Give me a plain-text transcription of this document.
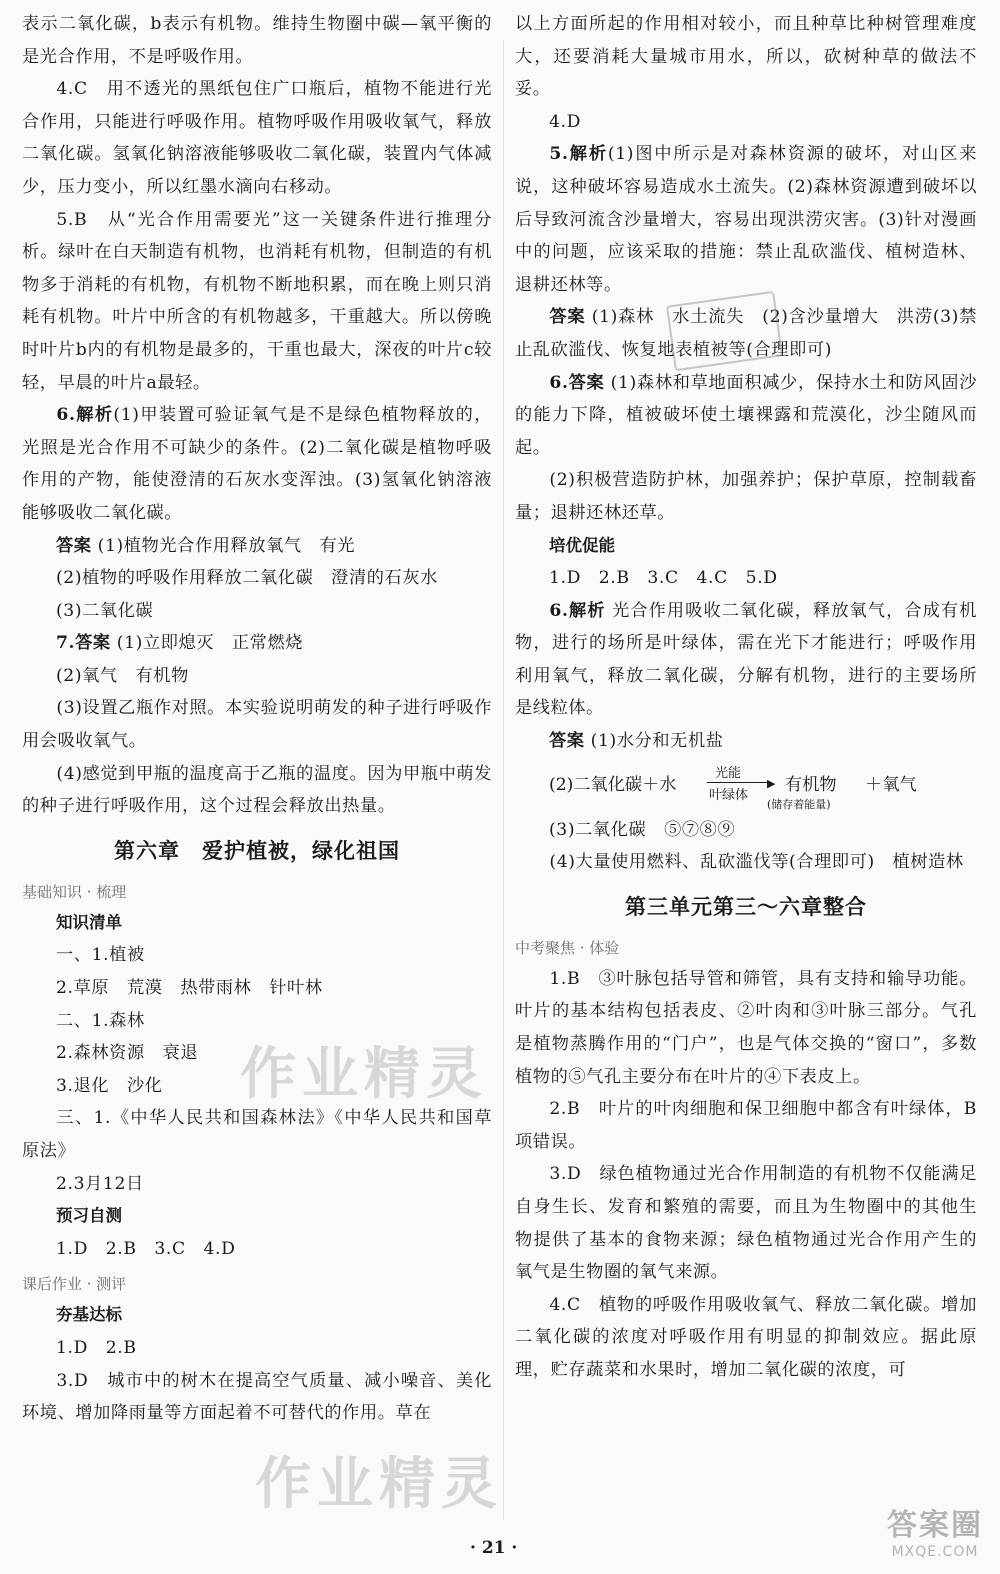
表示二氧化碳，b表示有机物。维持生物圈中碳—氧平衡的是光合作用，不是呼吸作用。

4.C　用不透光的黑纸包住广口瓶后，植物不能进行光合作用，只能进行呼吸作用。植物呼吸作用吸收氧气，释放二氧化碳。氢氧化钠溶液能够吸收二氧化碳，装置内气体减少，压力变小，所以红墨水滴向右移动。

5.B　从“光合作用需要光”这一关键条件进行推理分析。绿叶在白天制造有机物，也消耗有机物，但制造的有机物多于消耗的有机物，有机物不断地积累，而在晚上则只消耗有机物。叶片中所含的有机物越多，干重越大。所以傍晚时叶片b内的有机物是最多的，干重也最大，深夜的叶片c较轻，早晨的叶片a最轻。

6.解析(1)甲装置可验证氧气是不是绿色植物释放的，光照是光合作用不可缺少的条件。(2)二氧化碳是植物呼吸作用的产物，能使澄清的石灰水变浑浊。(3)氢氧化钠溶液能够吸收二氧化碳。

答案 (1)植物光合作用释放氧气　有光

(2)植物的呼吸作用释放二氧化碳　澄清的石灰水

(3)二氧化碳

7.答案 (1)立即熄灭　正常燃烧

(2)氧气　有机物

(3)设置乙瓶作对照。本实验说明萌发的种子进行呼吸作用会吸收氧气。

(4)感觉到甲瓶的温度高于乙瓶的温度。因为甲瓶中萌发的种子进行呼吸作用，这个过程会释放出热量。

第六章　爱护植被，绿化祖国
基础知识 · 梳理
知识清单

一、1.植被

2.草原　荒漠　热带雨林　针叶林

二、1.森林

2.森林资源　衰退

3.退化　沙化

三、1.《中华人民共和国森林法》《中华人民共和国草原法》

2.3月12日

预习自测

1.D　2.B　3.C　4.D

课后作业 · 测评
夯基达标

1.D　2.B

3.D　城市中的树木在提高空气质量、减小噪音、美化环境、增加降雨量等方面起着不可替代的作用。草在

以上方面所起的作用相对较小，而且种草比种树管理难度大，还要消耗大量城市用水，所以，砍树种草的做法不妥。

4.D

5.解析(1)图中所示是对森林资源的破坏，对山区来说，这种破坏容易造成水土流失。(2)森林资源遭到破坏以后导致河流含沙量增大，容易出现洪涝灾害。(3)针对漫画中的问题，应该采取的措施：禁止乱砍滥伐、植树造林、退耕还林等。

答案 (1)森林　水土流失　(2)含沙量增大　洪涝(3)禁止乱砍滥伐、恢复地表植被等(合理即可)

6.答案 (1)森林和草地面积减少，保持水土和防风固沙的能力下降，植被破坏使土壤裸露和荒漠化，沙尘随风而起。

(2)积极营造防护林，加强养护；保护草原，控制载畜量；退耕还林还草。

培优促能

1.D　2.B　3.C　4.C　5.D

6.解析 光合作用吸收二氧化碳，释放氧气，合成有机物，进行的场所是叶绿体，需在光下才能进行；呼吸作用利用氧气，释放二氧化碳，分解有机物，进行的主要场所是线粒体。

答案 (1)水分和无机盐

(2)二氧化碳＋水
光能
▶
叶绿体
有机物
(储存着能量)
＋氧气

(3)二氧化碳　⑤⑦⑧⑨

(4)大量使用燃料、乱砍滥伐等(合理即可)　植树造林

第三单元第三～六章整合
中考聚焦 · 体验

1.B　③叶脉包括导管和筛管，具有支持和输导功能。叶片的基本结构包括表皮、②叶肉和③叶脉三部分。气孔是植物蒸腾作用的“门户”，也是气体交换的“窗口”，多数植物的⑤气孔主要分布在叶片的④下表皮上。

2.B　叶片的叶肉细胞和保卫细胞中都含有叶绿体，B项错误。

3.D　绿色植物通过光合作用制造的有机物不仅能满足自身生长、发育和繁殖的需要，而且为生物圈中的其他生物提供了基本的食物来源；绿色植物通过光合作用产生的氧气是生物圈的氧气来源。

4.C　植物的呼吸作用吸收氧气、释放二氧化碳。增加二氧化碳的浓度对呼吸作用有明显的抑制效应。据此原理，贮存蔬菜和水果时，增加二氧化碳的浓度，可

作业精灵
作业精灵
答案圈
MXQE.COM
· 21 ·
